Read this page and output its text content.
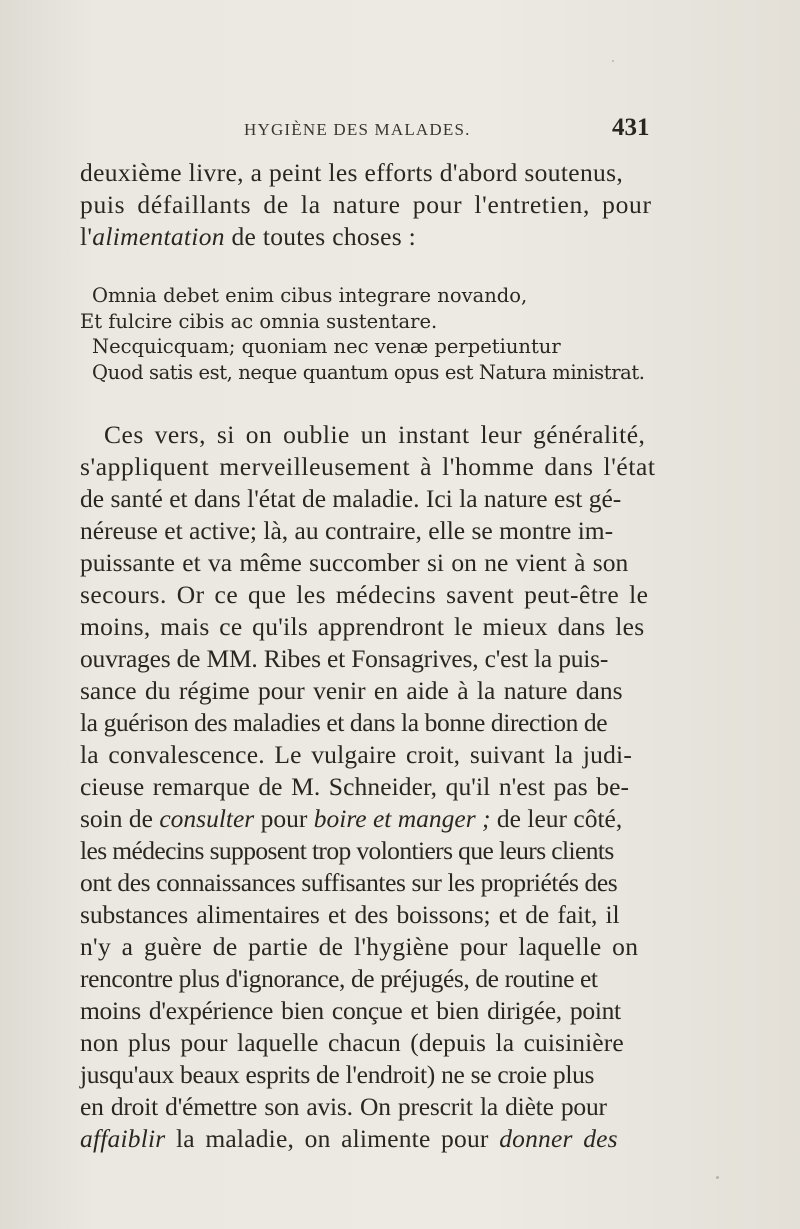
HYGIÈNE DES MALADES.	431
deuxième livre, a peint les efforts d'abord soutenus,
puis défaillants de la nature pour l'entretien, pour
l'alimentation de toutes choses :
Omnia debet enim cibus integrare novando,
Et fulcire cibis ac omnia sustentare.
Necquicquam; quoniam nec venæ perpetiuntur
Quod satis est, neque quantum opus est Natura ministrat.
Ces vers, si on oublie un instant leur généralité,
s'appliquent merveilleusement à l'homme dans l'état
de santé et dans l'état de maladie. Ici la nature est gé-
néreuse et active; là, au contraire, elle se montre im-
puissante et va même succomber si on ne vient à son
secours. Or ce que les médecins savent peut-être le
moins, mais ce qu'ils apprendront le mieux dans les
ouvrages de MM. Ribes et Fonsagrives, c'est la puis-
sance du régime pour venir en aide à la nature dans
la guérison des maladies et dans la bonne direction de
la convalescence. Le vulgaire croit, suivant la judi-
cieuse remarque de M. Schneider, qu'il n'est pas be-
soin de consulter pour boire et manger ; de leur côté,
les médecins supposent trop volontiers que leurs clients
ont des connaissances suffisantes sur les propriétés des
substances alimentaires et des boissons; et de fait, il
n'y a guère de partie de l'hygiène pour laquelle on
rencontre plus d'ignorance, de préjugés, de routine et
moins d'expérience bien conçue et bien dirigée, point
non plus pour laquelle chacun (depuis la cuisinière
jusqu'aux beaux esprits de l'endroit) ne se croie plus
en droit d'émettre son avis. On prescrit la diète pour
affaiblir la maladie, on alimente pour donner des
